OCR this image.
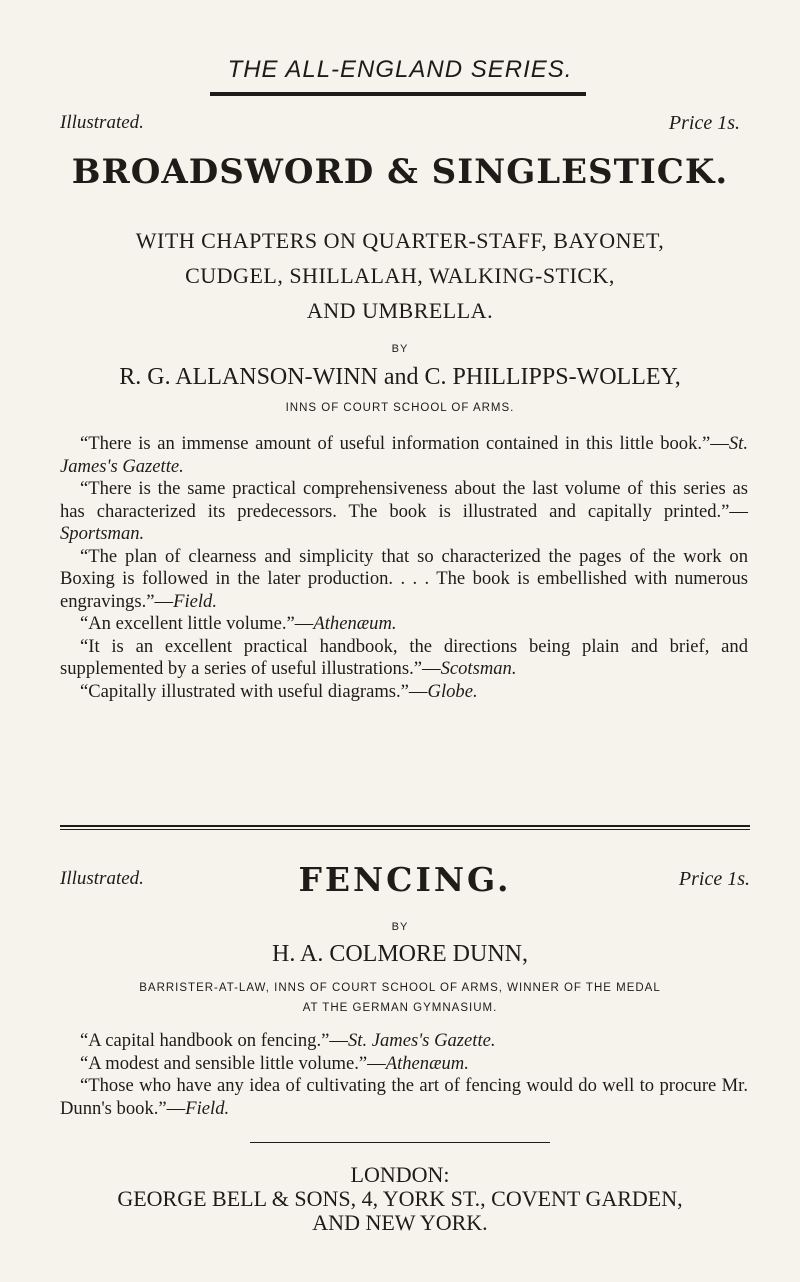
THE ALL-ENGLAND SERIES.
Illustrated.	Price 1s.
BROADSWORD & SINGLESTICK.
WITH CHAPTERS ON QUARTER-STAFF, BAYONET,
CUDGEL, SHILLALAH, WALKING-STICK,
AND UMBRELLA.
BY
R. G. ALLANSON-WINN and C. PHILLIPPS-WOLLEY,
INNS OF COURT SCHOOL OF ARMS.

“There is an immense amount of useful information contained in this little book.”—St. James's Gazette.

“There is the same practical comprehensiveness about the last volume of this series as has characterized its predecessors. The book is illustrated and capitally printed.”—Sportsman.

“The plan of clearness and simplicity that so characterized the pages of the work on Boxing is followed in the later production. . . . The book is embellished with numerous engravings.”—Field.

“An excellent little volume.”—Athenæum.

“It is an excellent practical handbook, the directions being plain and brief, and supplemented by a series of useful illustrations.”—Scotsman.

“Capitally illustrated with useful diagrams.”—Globe.

Illustrated.	FENCING.	Price 1s.
BY
H. A. COLMORE DUNN,
BARRISTER-AT-LAW, INNS OF COURT SCHOOL OF ARMS, WINNER OF THE MEDAL
AT THE GERMAN GYMNASIUM.

“A capital handbook on fencing.”—St. James's Gazette.

“A modest and sensible little volume.”—Athenæum.

“Those who have any idea of cultivating the art of fencing would do well to procure Mr. Dunn's book.”—Field.

LONDON:
GEORGE BELL & SONS, 4, YORK ST., COVENT GARDEN,
AND NEW YORK.
